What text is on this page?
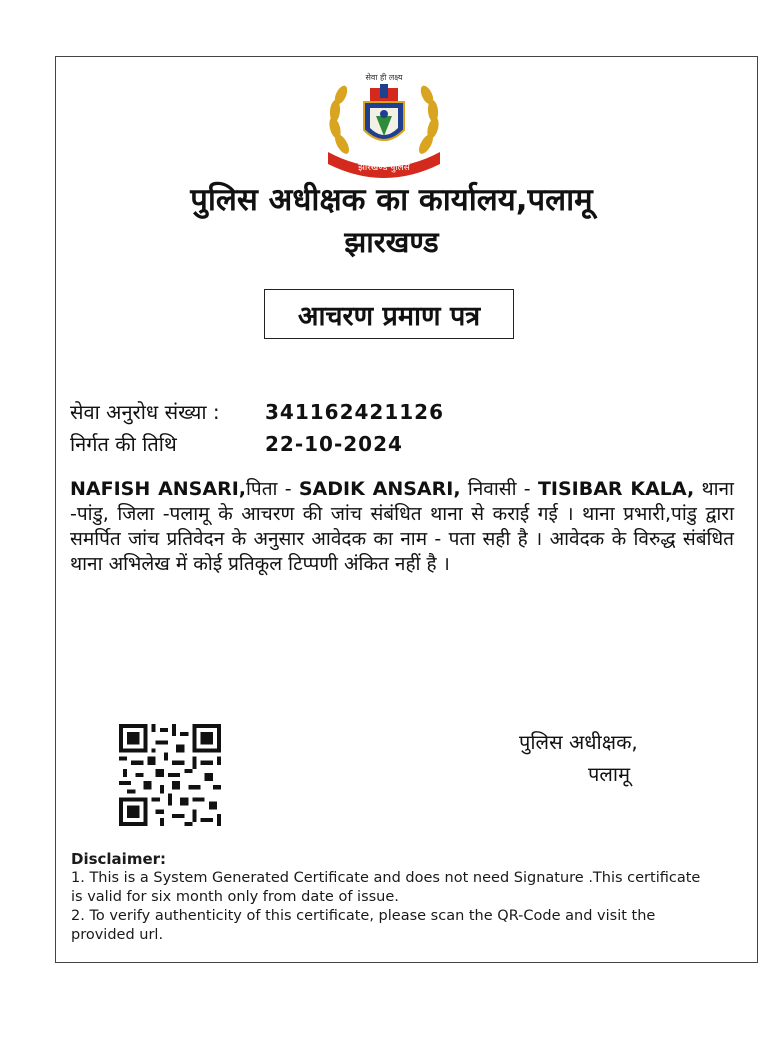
सेवा ही लक्ष्य
झारखण्ड पुलिस
पुलिस अधीक्षक का कार्यालय,पलामू
झारखण्ड
आचरण प्रमाण पत्र
सेवा अनुरोध संख्या : 341162421126
निर्गत की तिथि	22-10-2024
NAFISH ANSARI,पिता - SADIK ANSARI, निवासी - TISIBAR KALA, थाना -पांडु, जिला -पलामू के आचरण की जांच संबंधित थाना से कराई गई । थाना प्रभारी,पांडु द्वारा समर्पित जांच प्रतिवेदन के अनुसार आवेदक का नाम - पता सही है । आवेदक के विरुद्ध संबंधित थाना अभिलेख में कोई प्रतिकूल टिप्पणी अंकित नहीं है ।
पुलिस अधीक्षक,
पलामू
Disclaimer:
1. This is a System Generated Certificate and does not need Signature .This certificate is valid for six month only from date of issue.
2. To verify authenticity of this certificate, please scan the QR-Code and visit the provided url.
